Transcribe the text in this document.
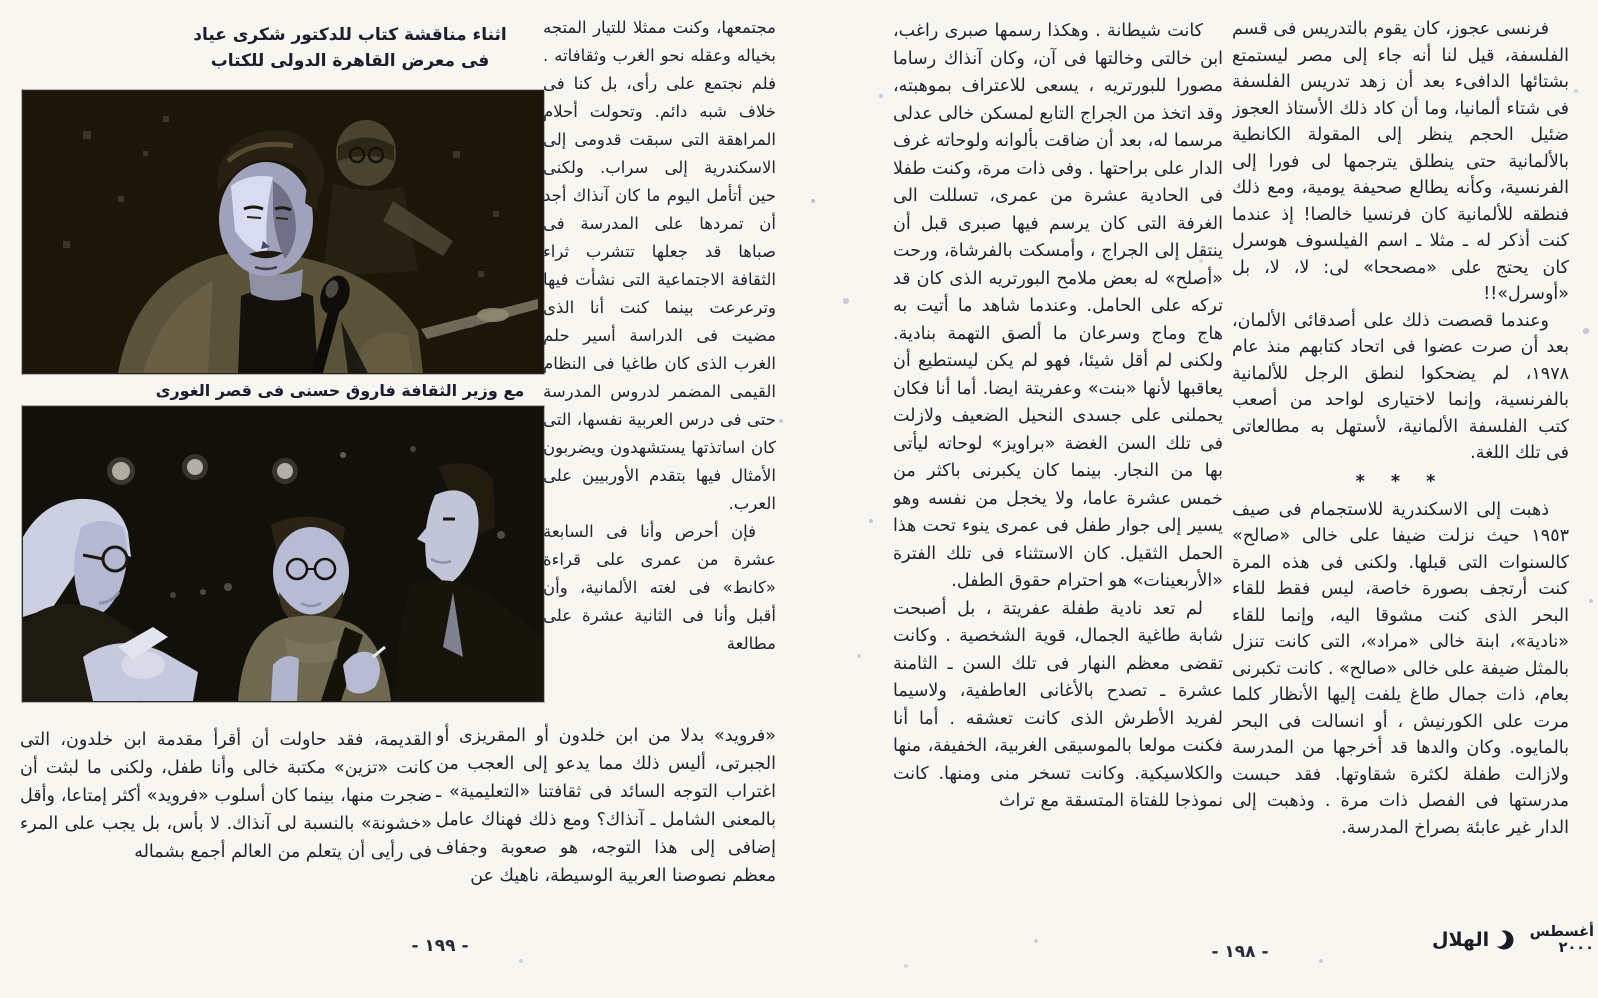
اثناء مناقشة كتاب للدكتور شكرى عياد
فى معرض القاهرة الدولى للكتاب
مع وزير الثقافة فاروق حسنى فى قصر الغورى

مجتمعها، وكنت ممثلا للتيار المتجه بخياله وعقله نحو الغرب وثقافاته . فلم نجتمع على رأى، بل كنا فى خلاف شبه دائم. وتحولت أحلام المراهقة التى سبقت قدومى إلى الاسكندرية إلى سراب. ولكنى حين أتأمل اليوم ما كان آنذاك أجد أن تمردها على المدرسة فى صباها قد جعلها تتشرب ثراء الثقافة الاجتماعية التى نشأت فيها وترعرعت بينما كنت أنا الذى مضيت فى الدراسة أسير حلم الغرب الذى كان طاغيا فى النظام القيمى المضمر لدروس المدرسة حتى فى درس العربية نفسها، التى كان اساتذتها يستشهدون ويضربون الأمثال فيها بتقدم الأوربيين على العرب.

فإن أحرص وأنا فى السابعة عشرة من عمرى على قراءة «كانط» فى لغته الألمانية، وأن أقبل وأنا فى الثانية عشرة على مطالعة

«فرويد» بدلا من ابن خلدون أو المقريزى أو الجبرتى، أليس ذلك مما يدعو إلى العجب من اغتراب التوجه السائد فى ثقافتنا «التعليمية» ـ بالمعنى الشامل ـ آنذاك؟ ومع ذلك فهناك عامل إضافى إلى هذا التوجه، هو صعوبة وجفاف معظم نصوصنا العربية الوسيطة، ناهيك عن

القديمة، فقد حاولت أن أقرأ مقدمة ابن خلدون، التى كانت «تزين» مكتبة خالى وأنا طفل، ولكنى ما لبثت أن ضجرت منها، بينما كان أسلوب «فرويد» أكثر إمتاعا، وأقل «خشونة» بالنسبة لى آنذاك. لا بأس، بل يجب على المرء فى رأيى أن يتعلم من العالم أجمع بشماله

- ١٩٩ -

فرنسى عجوز، كان يقوم بالتدريس فى قسم الفلسفة، قيل لنا أنه جاء إلى مصر ليستمتع بشتائها الدافىء بعد أن زهد تدريس الفلسفة فى شتاء ألمانيا، وما أن كاد ذلك الأستاذ العجوز ضئيل الحجم ينظر إلى المقولة الكانطية بالألمانية حتى ينطلق يترجمها لى فورا إلى الفرنسية، وكأنه يطالع صحيفة يومية، ومع ذلك فنطقه للألمانية كان فرنسيا خالصا! إذ عندما كنت أذكر له ـ مثلا ـ اسم الفيلسوف هوسرل كان يحتج على «مصححا» لى: لا، لا، بل «أوسرل»!!

وعندما قصصت ذلك على أصدقائى الألمان، بعد أن صرت عضوا فى اتحاد كتابهم منذ عام ١٩٧٨، لم يضحكوا لنطق الرجل للألمانية بالفرنسية، وإنما لاختيارى لواحد من أصعب كتب الفلسفة الألمانية، لأستهل به مطالعاتى فى تلك اللغة.

* * *

ذهبت إلى الاسكندرية للاستجمام فى صيف ١٩٥٣ حيث نزلت ضيفا على خالى «صالح» كالسنوات التى قبلها. ولكنى فى هذه المرة كنت أرتجف بصورة خاصة، ليس فقط للقاء البحر الذى كنت مشوقا اليه، وإنما للقاء «نادية»، ابنة خالى «مراد»، التى كانت تنزل بالمثل ضيفة على خالى «صالح» . كانت تكبرنى بعام، ذات جمال طاغ يلفت إليها الأنظار كلما مرت على الكورنيش ، أو انسالت فى البحر بالمايوه. وكان والدها قد أخرجها من المدرسة ولازالت طفلة لكثرة شقاوتها. فقد حبست مدرستها فى الفصل ذات مرة . وذهبت إلى الدار غير عابئة بصراخ المدرسة.

كانت شيطانة . وهكذا رسمها صبرى راغب، ابن خالتى وخالتها فى آن، وكان آنذاك رساما مصورا للبورتريه ، يسعى للاعتراف بموهبته، وقد اتخذ من الجراج التابع لمسكن خالى عدلى مرسما له، بعد أن ضاقت بألوانه ولوحاته غرف الدار على براحتها . وفى ذات مرة، وكنت طفلا فى الحادية عشرة من عمرى، تسللت الى الغرفة التى كان يرسم فيها صبرى قبل أن ينتقل إلى الجراج ، وأمسكت بالفرشاة، ورحت «أصلح» له بعض ملامح البورتريه الذى كان قد تركه على الحامل. وعندما شاهد ما أتيت به هاج وماج وسرعان ما ألصق التهمة بنادية. ولكنى لم أقل شيئا، فهو لم يكن ليستطيع أن يعاقبها لأنها «بنت» وعفريتة ايضا. أما أنا فكان يحملنى على جسدى النحيل الضعيف ولازلت فى تلك السن الغضة «براويز» لوحاته ليأتى بها من النجار. بينما كان يكبرنى باكثر من خمس عشرة عاما، ولا يخجل من نفسه وهو يسير إلى جوار طفل فى عمرى ينوء تحت هذا الحمل الثقيل. كان الاستثناء فى تلك الفترة «الأربعينات» هو احترام حقوق الطفل.

لم تعد نادية طفلة عفريتة ، بل أصبحت شابة طاغية الجمال، قوية الشخصية . وكانت تقضى معظم النهار فى تلك السن ـ الثامنة عشرة ـ تصدح بالأغانى العاطفية، ولاسيما لفريد الأطرش الذى كانت تعشقه . أما أنا فكنت مولعا بالموسيقى الغربية، الخفيفة، منها والكلاسيكية. وكانت تسخر منى ومنها. كانت نموذجا للفتاة المتسقة مع تراث

- ١٩٨ -
الهلال	أغسطس ٢٠٠٠
